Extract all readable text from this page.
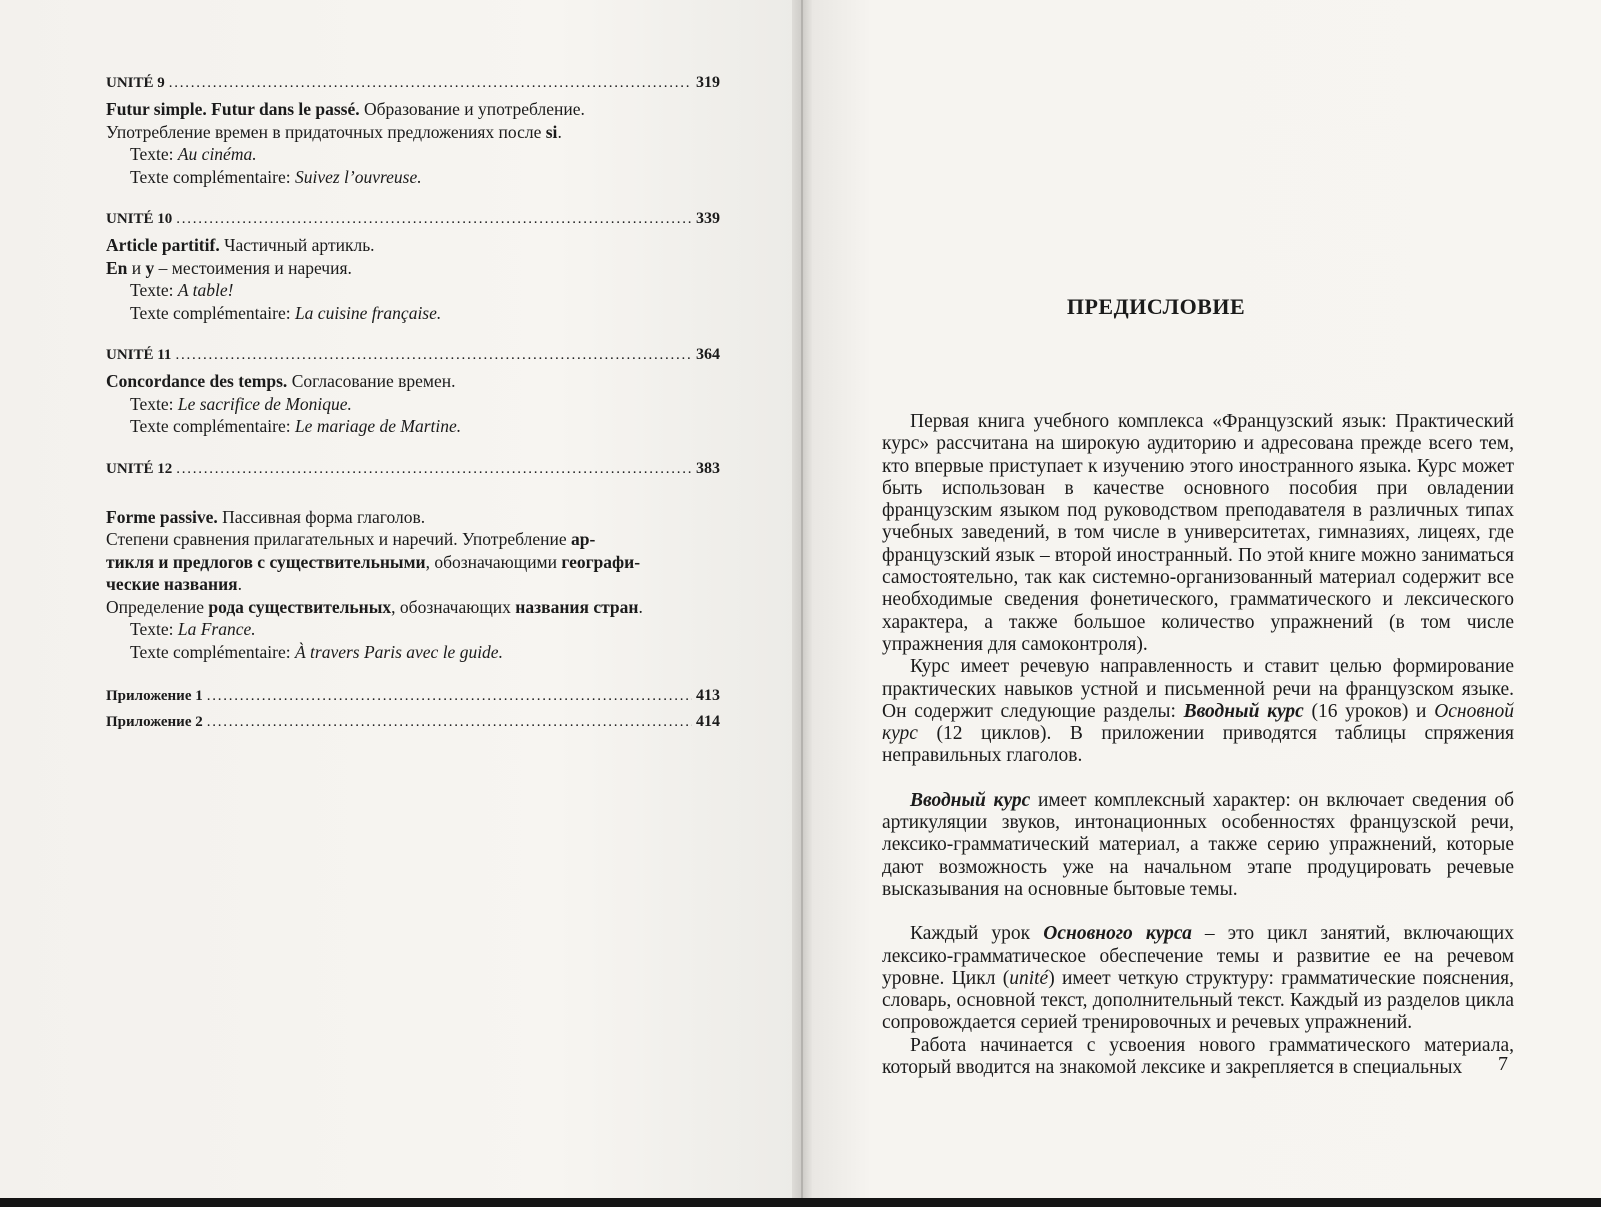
UNITÉ 9 . . .	319

Futur simple. Futur dans le passé. Образование и употребление.

Употребление времен в придаточных предложениях после si.

Texte: Au cinéma.

Texte complémentaire: Suivez l’ouvreuse.

UNITÉ 10 . . .	339

Article partitif. Частичный артикль.

En и y – местоимения и наречия.

Texte: A table!

Texte complémentaire: La cuisine française.

UNITÉ 11 . . .	364

Concordance des temps. Согласование времен.

Texte: Le sacrifice de Monique.

Texte complémentaire: Le mariage de Martine.

UNITÉ 12 . . .	383

Forme passive. Пассивная форма глаголов.

Степени сравнения прилагательных и наречий. Употребление ар-

тикля и предлогов с существительными, обозначающими географи-

ческие названия.

Определение рода существительных, обозначающих названия стран.

Texte: La France.

Texte complémentaire: À travers Paris avec le guide.

Приложение 1 . . .	413
Приложение 2 . . .	414
ПРЕДИСЛОВИЕ

Первая книга учебного комплекса «Французский язык: Практический курс» рассчитана на широкую аудиторию и адресована прежде всего тем, кто впервые приступает к изучению этого иностранного языка. Курс может быть использован в качестве основного пособия при овладении французским языком под руководством преподавателя в различных типах учебных заведений, в том числе в университетах, гимназиях, лицеях, где французский язык – второй иностранный. По этой книге можно заниматься самостоятельно, так как системно-организованный материал содержит все необходимые сведения фонетического, грамматического и лексического характера, а также большое количество упражнений (в том числе упражнения для самоконтроля).

Курс имеет речевую направленность и ставит целью формирование практических навыков устной и письменной речи на французском языке. Он содержит следующие разделы: Вводный курс (16 уроков) и Основной курс (12 циклов). В приложении приводятся таблицы спряжения неправильных глаголов.

Вводный курс имеет комплексный характер: он включает сведения об артикуляции звуков, интонационных особенностях французской речи, лексико-грамматический материал, а также серию упражнений, которые дают возможность уже на начальном этапе продуцировать речевые высказывания на основные бытовые темы.

Каждый урок Основного курса – это цикл занятий, включающих лексико-грамматическое обеспечение темы и развитие ее на речевом уровне. Цикл (unité) имеет четкую структуру: грамматические пояснения, словарь, основной текст, дополнительный текст. Каждый из разделов цикла сопровождается серией тренировочных и речевых упражнений.

Работа начинается с усвоения нового грамматического материала, который вводится на знакомой лексике и закрепляется в специальных	7
